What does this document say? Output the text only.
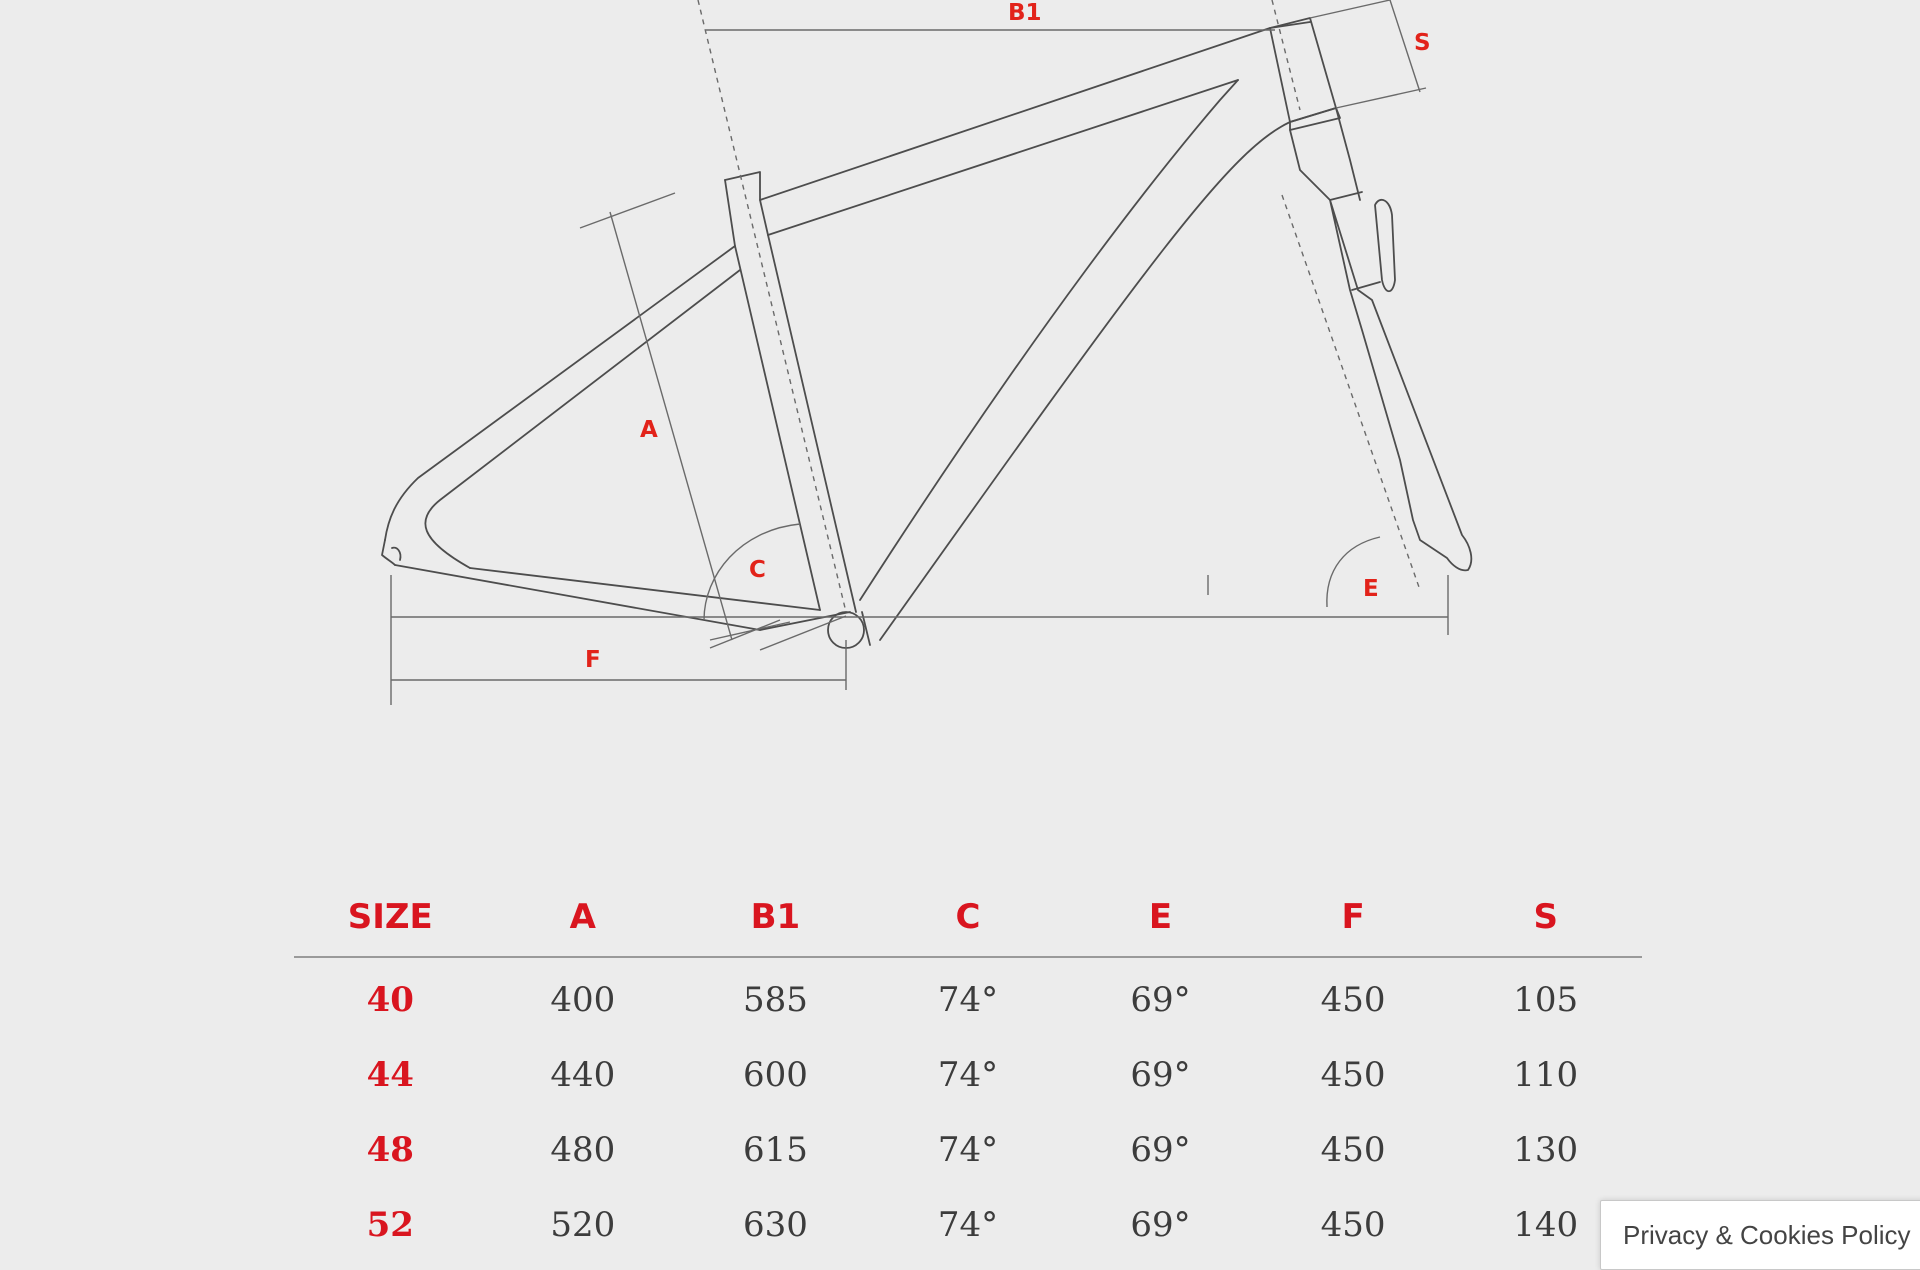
B1
S
A
C
E
F
SIZE	A	B1	C	E	F	S
40	400	585	74°	69°	450	105
44	440	600	74°	69°	450	110
48	480	615	74°	69°	450	130
52	520	630	74°	69°	450	140 Privacy & Cookies Policy
